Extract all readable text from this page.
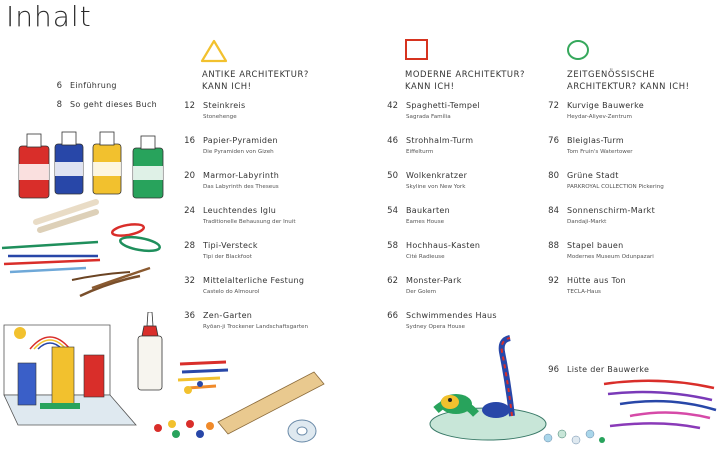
Inhalt
6 Einführung
8 So geht dieses Buch
ANTIKE ARCHITEKTUR?
KANN ICH!
MODERNE ARCHITEKTUR?
KANN ICH!
ZEITGENÖSSISCHE
ARCHITEKTUR? KANN ICH!
12 Steinkreis
Stonehenge
16 Papier-Pyramiden
Die Pyramiden von Gizeh
20 Marmor-Labyrinth
Das Labyrinth des Theseus
24 Leuchtendes Iglu
Traditionelle Behausung der Inuit
28 Tipi-Versteck
Tipi der Blackfoot
32 Mittelalterliche Festung
Castelo do Almourol
36 Zen-Garten
Ryōan-ji Trockener Landschaftsgarten
42 Spaghetti-Tempel
Sagrada Família
46 Strohhalm-Turm
Eiffelturm
50 Wolkenkratzer
Skyline von New York
54 Baukarten
Eames House
58 Hochhaus-Kasten
Cité Radieuse
62 Monster-Park
Der Golem
66 Schwimmendes Haus
Sydney Opera House
72 Kurvige Bauwerke
Heydar-Aliyev-Zentrum
76 Bleiglas-Turm
Tom Fruin's Watertower
80 Grüne Stadt
PARKROYAL COLLECTION Pickering
84 Sonnenschirm-Markt
Dandaji-Markt
88 Stapel bauen
Modernes Museum Odunpazari
92 Hütte aus Ton
TECLA-Haus
96 Liste der Bauwerke
